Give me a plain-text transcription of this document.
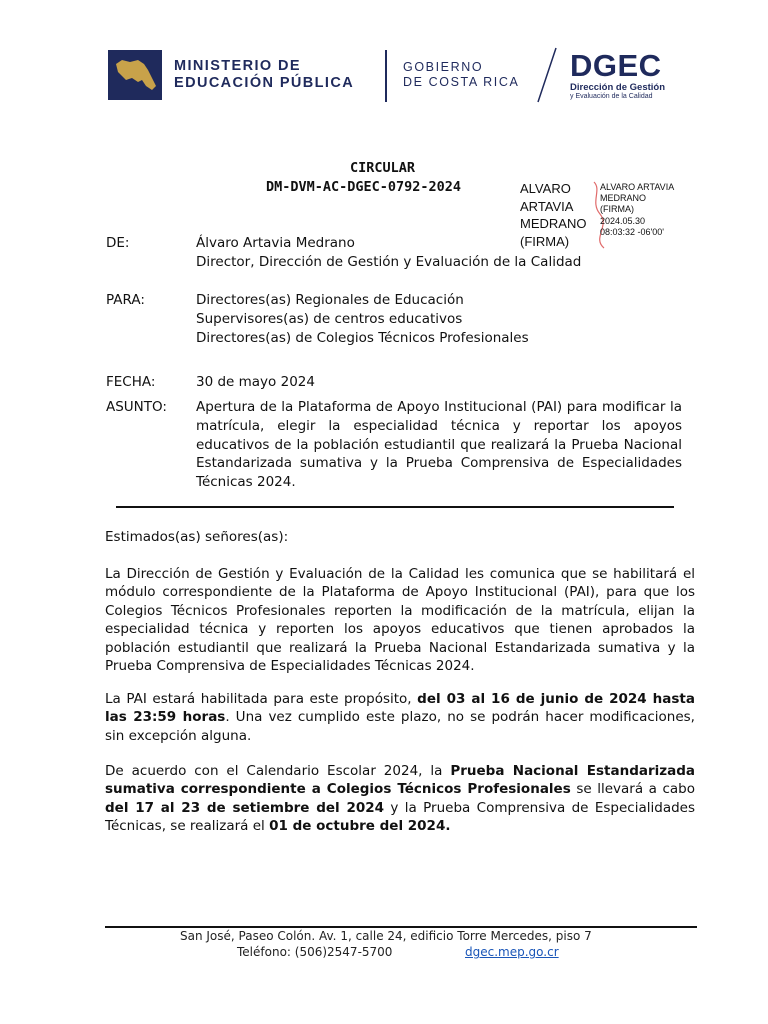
MINISTERIO DE
EDUCACIÓN PÚBLICA
GOBIERNO
DE COSTA RICA DGEC
Dirección de Gestión
y Evaluación de la Calidad
CIRCULAR
DM-DVM-AC-DGEC-0792-2024	ALVARO
ARTAVIA
MEDRANO
(FIRMA)
ALVARO ARTAVIA
MEDRANO
(FIRMA)
2024.05.30
08:03:32 -06'00'
DE:	Álvaro Artavia Medrano
Director, Dirección de Gestión y Evaluación de la Calidad
PARA:	Directores(as) Regionales de Educación
Supervisores(as) de centros educativos
Directores(as) de Colegios Técnicos Profesionales
FECHA:	30 de mayo 2024
ASUNTO: Apertura de la Plataforma de Apoyo Institucional (PAI) para modificar la matrícula, elegir la especialidad técnica y reportar los apoyos educativos de la población estudiantil que realizará la Prueba Nacional Estandarizada sumativa y la Prueba Comprensiva de Especialidades Técnicas 2024.
Estimados(as) señores(as):
La Dirección de Gestión y Evaluación de la Calidad les comunica que se habilitará el módulo correspondiente de la Plataforma de Apoyo Institucional (PAI), para que los Colegios Técnicos Profesionales reporten la modificación de la matrícula, elijan la especialidad técnica y reporten los apoyos educativos que tienen aprobados la población estudiantil que realizará la Prueba Nacional Estandarizada sumativa y la Prueba Comprensiva de Especialidades Técnicas 2024.
La PAI estará habilitada para este propósito, del 03 al 16 de junio de 2024 hasta las 23:59 horas. Una vez cumplido este plazo, no se podrán hacer modificaciones, sin excepción alguna.
De acuerdo con el Calendario Escolar 2024, la Prueba Nacional Estandarizada sumativa correspondiente a Colegios Técnicos Profesionales se llevará a cabo del 17 al 23 de setiembre del 2024 y la Prueba Comprensiva de Especialidades Técnicas, se realizará el 01 de octubre del 2024.
San José, Paseo Colón. Av. 1, calle 24, edificio Torre Mercedes, piso 7
Teléfono: (506)2547-5700	dgec.mep.go.cr
